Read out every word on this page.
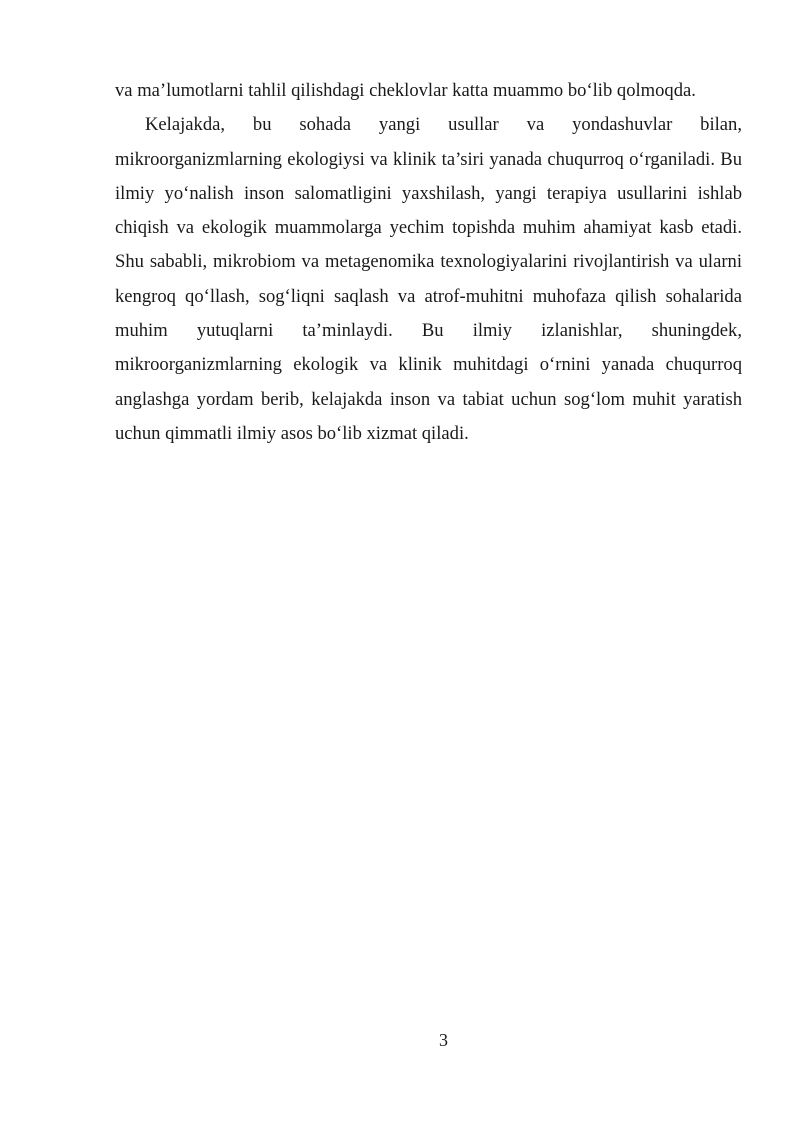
va ma’lumotlarni tahlil qilishdagi cheklovlar katta muammo bo‘lib qolmoqda.

Kelajakda, bu sohada yangi usullar va yondashuvlar bilan, mikroorganizmlarning ekologiysi va klinik ta’siri yanada chuqurroq o‘rganiladi. Bu ilmiy yo‘nalish inson salomatligini yaxshilash, yangi terapiya usullarini ishlab chiqish va ekologik muammolarga yechim topishda muhim ahamiyat kasb etadi. Shu sababli, mikrobiom va metagenomika texnologiyalarini rivojlantirish va ularni kengroq qo‘llash, sog‘liqni saqlash va atrof-muhitni muhofaza qilish sohalarida muhim yutuqlarni ta’minlaydi. Bu ilmiy izlanishlar, shuningdek, mikroorganizmlarning ekologik va klinik muhitdagi o‘rnini yanada chuqurroq anglashga yordam berib, kelajakda inson va tabiat uchun sog‘lom muhit yaratish uchun qimmatli ilmiy asos bo‘lib xizmat qiladi.

3
